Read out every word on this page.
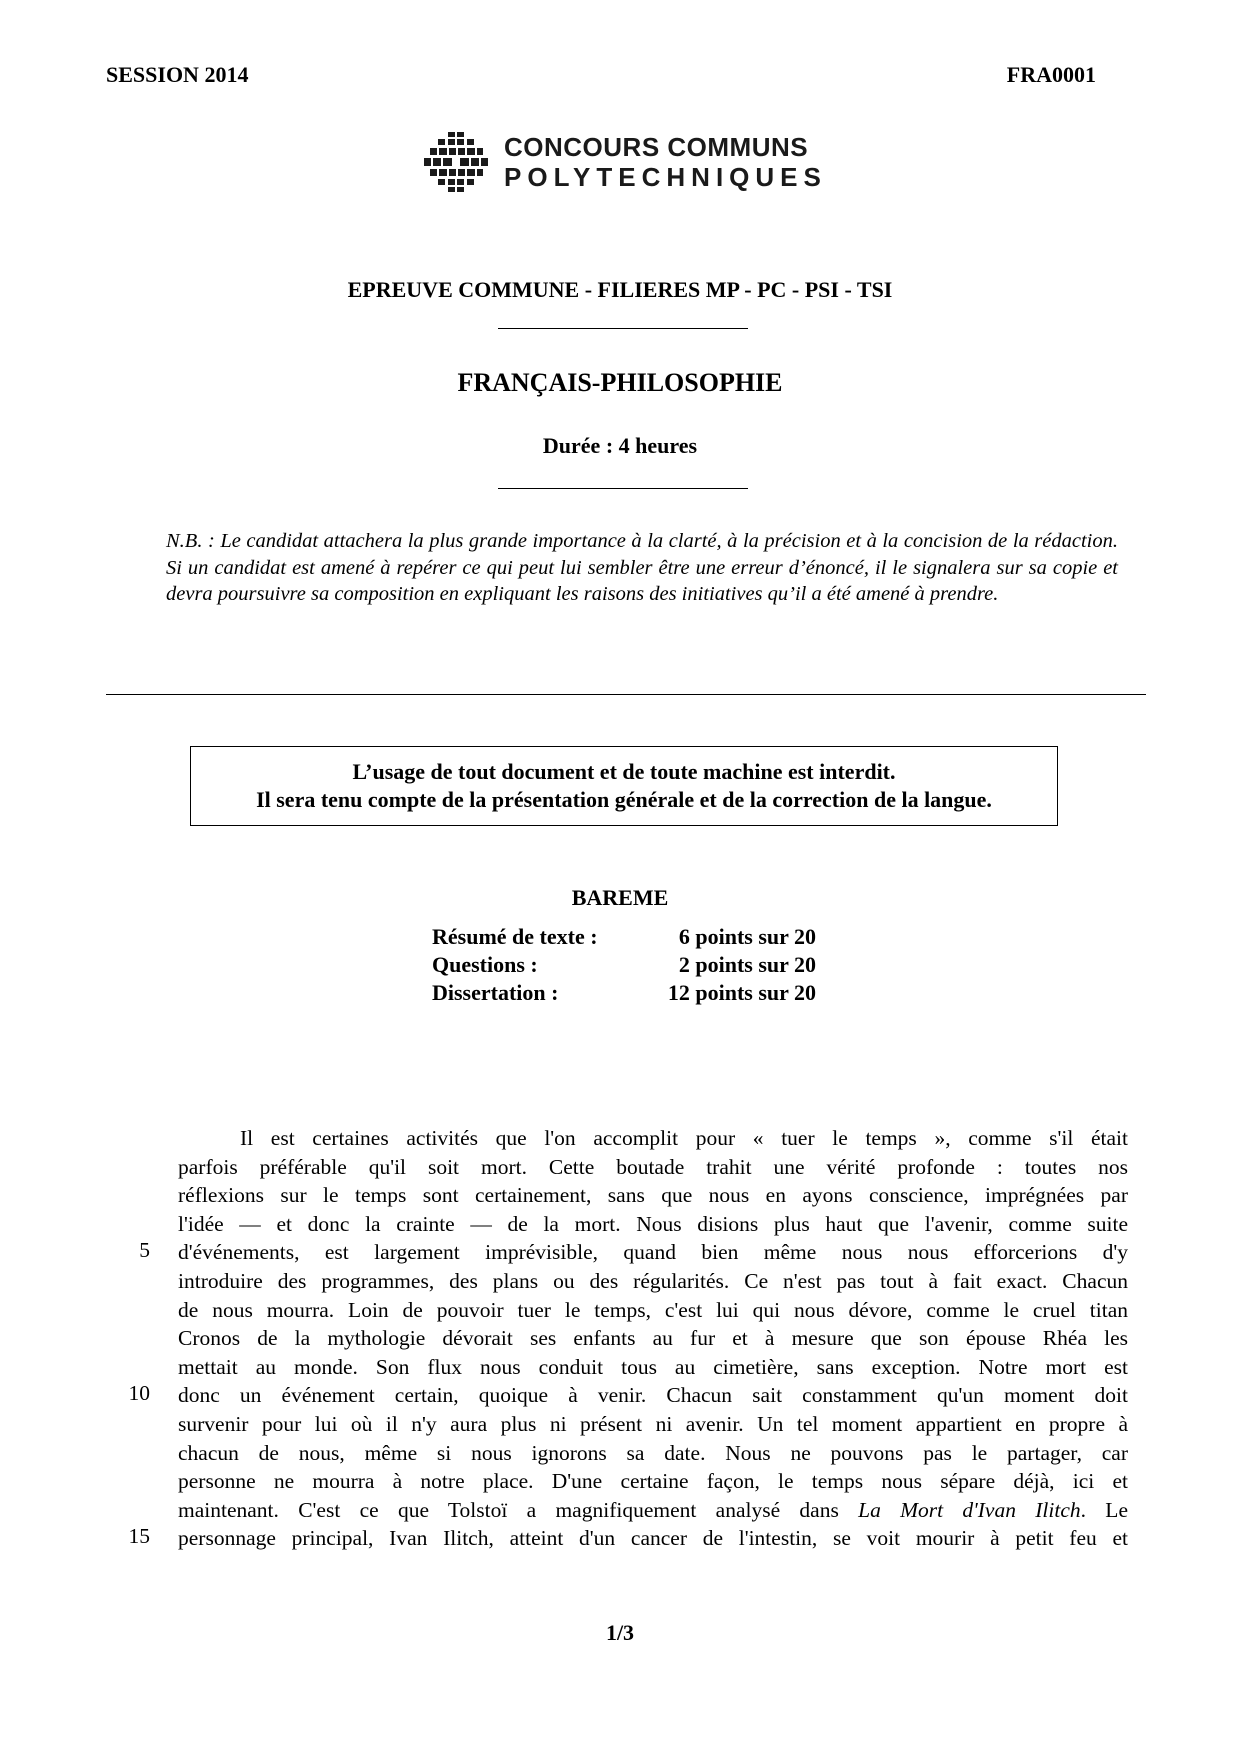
SESSION 2014	FRA0001
CONCOURS COMMUNS
POLYTECHNIQUES
EPREUVE COMMUNE - FILIERES MP - PC - PSI - TSI
FRANÇAIS-PHILOSOPHIE
Durée : 4 heures
N.B. : Le candidat attachera la plus grande importance à la clarté, à la précision et à la concision de la rédaction. Si un candidat est amené à repérer ce qui peut lui sembler être une erreur d’énoncé, il le signalera sur sa copie et devra poursuivre sa composition en expliquant les raisons des initiatives qu’il a été amené à prendre.
L’usage de tout document et de toute machine est interdit.
Il sera tenu compte de la présentation générale et de la correction de la langue.
BAREME
Résumé de texte :	6 points sur 20
Questions :	2 points sur 20
Dissertation :	12 points sur 20
Il est certaines activités que l'on accomplit pour « tuer le temps », comme s'il était
parfois préférable qu'il soit mort. Cette boutade trahit une vérité profonde : toutes nos
réflexions sur le temps sont certainement, sans que nous en ayons conscience, imprégnées par
l'idée — et donc la crainte — de la mort. Nous disions plus haut que l'avenir, comme suite
d'événements, est largement imprévisible, quand bien même nous nous efforcerions d'y
introduire des programmes, des plans ou des régularités. Ce n'est pas tout à fait exact. Chacun
de nous mourra. Loin de pouvoir tuer le temps, c'est lui qui nous dévore, comme le cruel titan
Cronos de la mythologie dévorait ses enfants au fur et à mesure que son épouse Rhéa les
mettait au monde. Son flux nous conduit tous au cimetière, sans exception. Notre mort est
donc un événement certain, quoique à venir. Chacun sait constamment qu'un moment doit
survenir pour lui où il n'y aura plus ni présent ni avenir. Un tel moment appartient en propre à
chacun de nous, même si nous ignorons sa date. Nous ne pouvons pas le partager, car
personne ne mourra à notre place. D'une certaine façon, le temps nous sépare déjà, ici et
maintenant. C'est ce que Tolstoï a magnifiquement analysé dans La Mort d'Ivan Ilitch. Le
personnage principal, Ivan Ilitch, atteint d'un cancer de l'intestin, se voit mourir à petit feu et
5
10
15
1/3
